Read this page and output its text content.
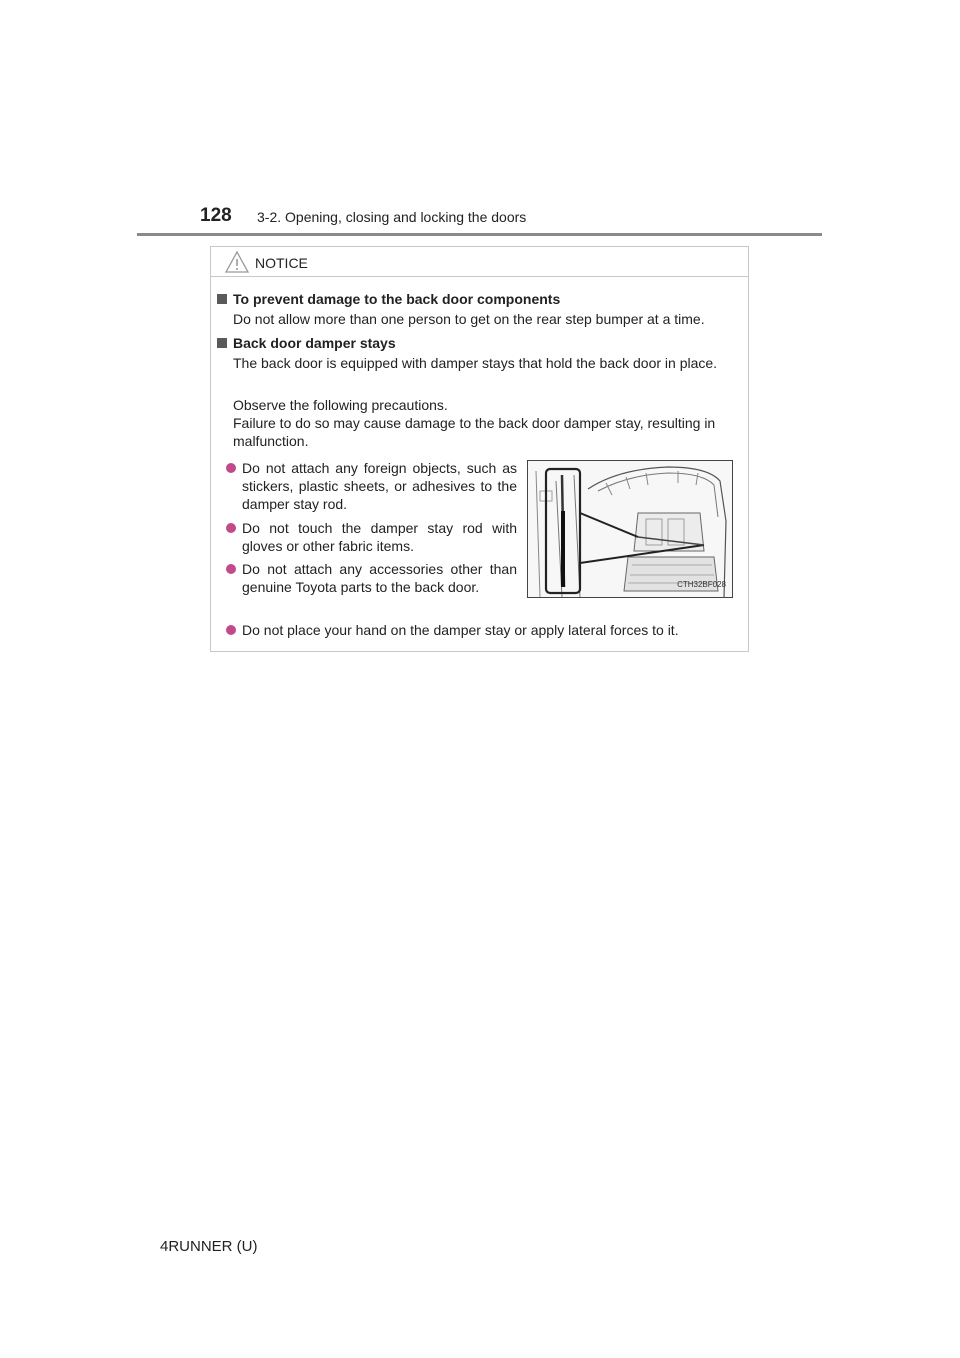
128 3-2. Opening, closing and locking the doors
NOTICE
To prevent damage to the back door components
Do not allow more than one person to get on the rear step bumper at a time.
Back door damper stays
The back door is equipped with damper stays that hold the back door in place.
Observe the following precautions.
Failure to do so may cause damage to the back door damper stay, resulting in malfunction.
Do not attach any foreign objects, such as stickers, plastic sheets, or adhesives to the damper stay rod.
Do not touch the damper stay rod with gloves or other fabric items.
Do not attach any accessories other than genuine Toyota parts to the back door.
Do not place your hand on the damper stay or apply lateral forces to it.
CTH32BF028
4RUNNER (U)
